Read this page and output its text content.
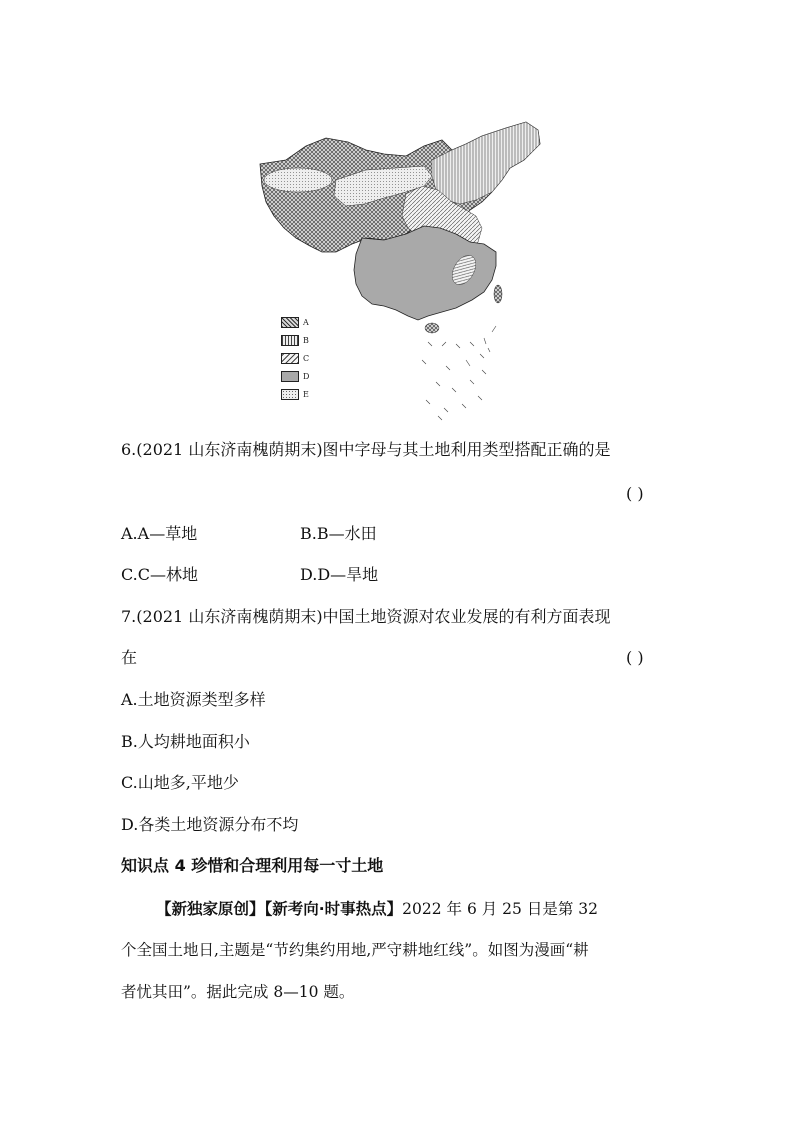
A
B
C
D
E
6.(2021 山东济南槐荫期末)图中字母与其土地利用类型搭配正确的是
( )
A.A—草地	B.B—水田
C.C—林地	D.D—旱地
7.(2021 山东济南槐荫期末)中国土地资源对农业发展的有利方面表现
在	( )
A.土地资源类型多样
B.人均耕地面积小
C.山地多,平地少
D.各类土地资源分布不均
知识点 4 珍惜和合理利用每一寸土地
【新独家原创】【新考向·时事热点】2022 年 6 月 25 日是第 32
个全国土地日,主题是“节约集约用地,严守耕地红线”。如图为漫画“耕
者忧其田”。据此完成 8—10 题。
